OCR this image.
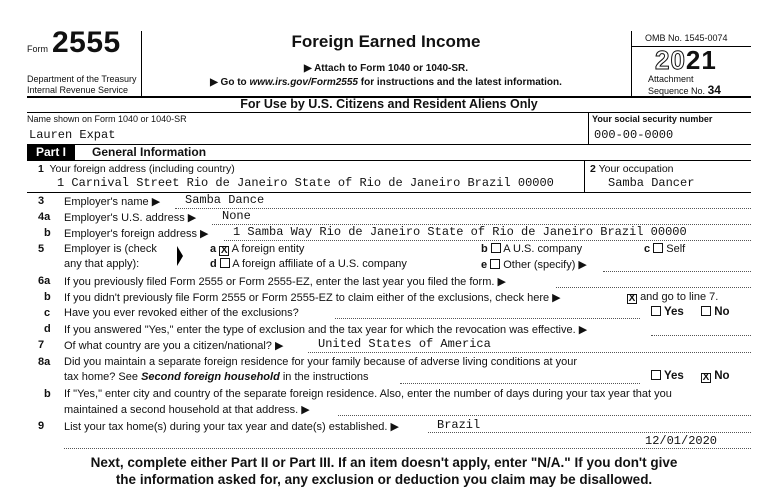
Form 2555
Department of the Treasury
Internal Revenue Service
Foreign Earned Income
▶ Attach to Form 1040 or 1040-SR.
▶ Go to www.irs.gov/Form2555 for instructions and the latest information.
OMB No. 1545-0074
2021
Attachment
Sequence No. 34
For Use by U.S. Citizens and Resident Aliens Only
Name shown on Form 1040 or 1040-SR
Lauren Expat
Your social security number
000-00-0000
Part I	General Information
1 Your foreign address (including country)
1 Carnival Street Rio de Janeiro State of Rio de Janeiro Brazil 00000
2 Your occupation
Samba Dancer
3 Employer's name ▶ Samba Dance
4a Employer's U.S. address ▶ None
b Employer's foreign address ▶ 1 Samba Way Rio de Janeiro State of Rio de Janeiro Brazil 00000
5 Employer is (check
any that apply):
a X A foreign entity	b A U.S. company	c Self
d A foreign affiliate of a U.S. company	e Other (specify) ▶
6a If you previously filed Form 2555 or Form 2555-EZ, enter the last year you filed the form. ▶
b If you didn't previously file Form 2555 or Form 2555-EZ to claim either of the exclusions, check here ▶	X and go to line 7.
c Have you ever revoked either of the exclusions?	Yes	No
d If you answered "Yes," enter the type of exclusion and the tax year for which the revocation was effective. ▶
7 Of what country are you a citizen/national? ▶	United States of America
8a Did you maintain a separate foreign residence for your family because of adverse living conditions at your
tax home? See Second foreign household in the instructions	Yes X No
b If "Yes," enter city and country of the separate foreign residence. Also, enter the number of days during your tax year that you
maintained a second household at that address. ▶
9 List your tax home(s) during your tax year and date(s) established. ▶	Brazil
12/01/2020
Next, complete either Part II or Part III. If an item doesn't apply, enter "N/A." If you don't give
the information asked for, any exclusion or deduction you claim may be disallowed.
